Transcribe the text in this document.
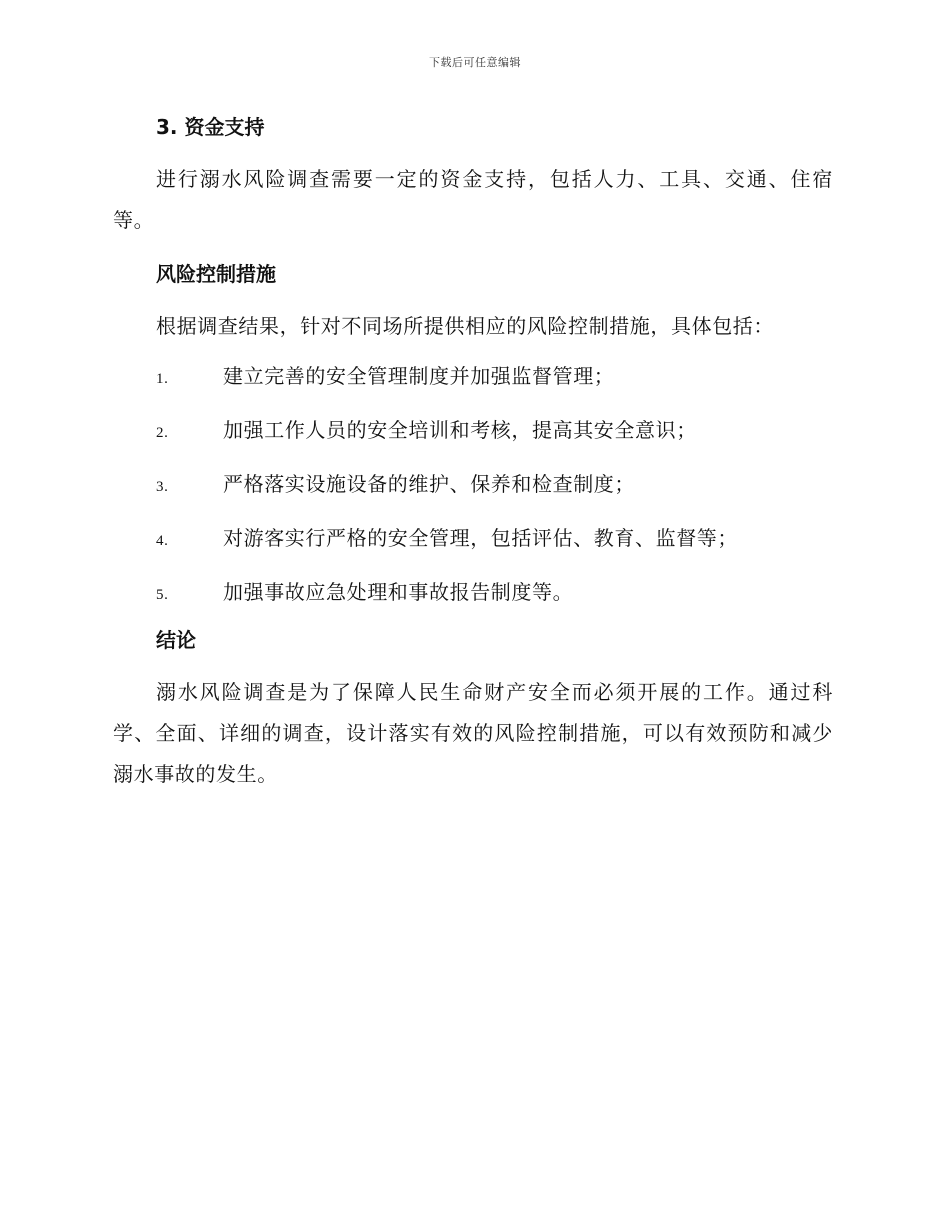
下载后可任意编辑
3. 资金支持

进行溺水风险调查需要一定的资金支持，包括人力、工具、交通、住宿等。

风险控制措施

根据调查结果，针对不同场所提供相应的风险控制措施，具体包括：

1.	建立完善的安全管理制度并加强监督管理；
2.	加强工作人员的安全培训和考核，提高其安全意识；
3.	严格落实设施设备的维护、保养和检查制度；
4.	对游客实行严格的安全管理，包括评估、教育、监督等；
5.	加强事故应急处理和事故报告制度等。
结论

溺水风险调查是为了保障人民生命财产安全而必须开展的工作。通过科学、全面、详细的调查，设计落实有效的风险控制措施，可以有效预防和减少溺水事故的发生。
